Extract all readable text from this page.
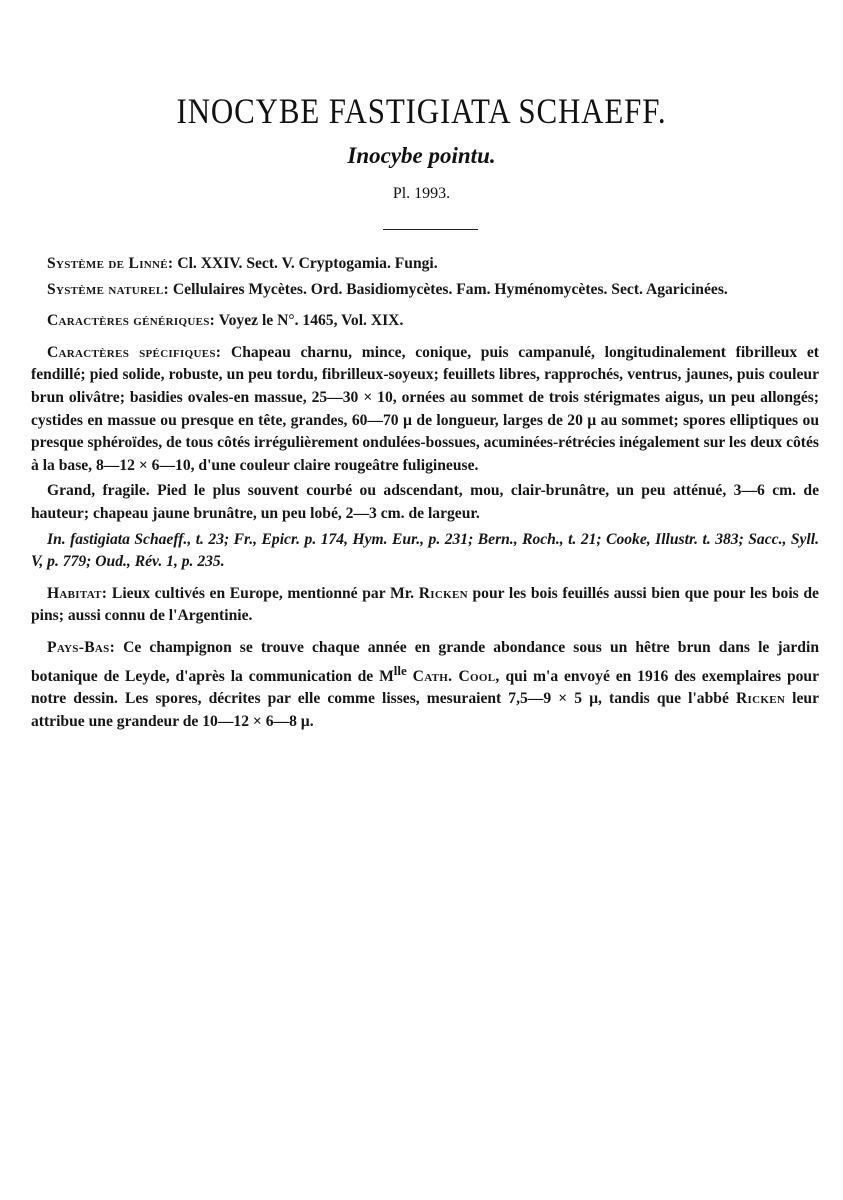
INOCYBE FASTIGIATA SCHAEFF.
Inocybe pointu.
Pl. 1993.

Système de Linné: Cl. XXIV. Sect. V. Cryptogamia. Fungi.

Système naturel: Cellulaires Mycètes. Ord. Basidiomycètes. Fam. Hyménomycètes. Sect. Agaricinées.

Caractères génériques: Voyez le N°. 1465, Vol. XIX.

Caractères spécifiques: Chapeau charnu, mince, conique, puis campanulé, longitudinalement fibrilleux et fendillé; pied solide, robuste, un peu tordu, fibrilleux-soyeux; feuillets libres, rapprochés, ventrus, jaunes, puis couleur brun olivâtre; basidies ovales-en massue, 25—30 × 10, ornées au sommet de trois stérigmates aigus, un peu allongés; cystides en massue ou presque en tête, grandes, 60—70 µ de longueur, larges de 20 µ au sommet; spores elliptiques ou presque sphéroïdes, de tous côtés irrégulièrement ondulées-bossues, acuminées-rétrécies inégalement sur les deux côtés à la base, 8—12 × 6—10, d'une couleur claire rougeâtre fuligineuse.

Grand, fragile. Pied le plus souvent courbé ou adscendant, mou, clair-brunâtre, un peu atténué, 3—6 cm. de hauteur; chapeau jaune brunâtre, un peu lobé, 2—3 cm. de largeur.

In. fastigiata Schaeff., t. 23; Fr., Epicr. p. 174, Hym. Eur., p. 231; Bern., Roch., t. 21; Cooke, Illustr. t. 383; Sacc., Syll. V, p. 779; Oud., Rév. 1, p. 235.

Habitat: Lieux cultivés en Europe, mentionné par Mr. Ricken pour les bois feuillés aussi bien que pour les bois de pins; aussi connu de l'Argentinie.

Pays-Bas: Ce champignon se trouve chaque année en grande abondance sous un hêtre brun dans le jardin botanique de Leyde, d'après la communication de $M^{lle}$ Cath. Cool, qui m'a envoyé en 1916 des exemplaires pour notre dessin. Les spores, décrites par elle comme lisses, mesuraient 7,5—9 × 5 µ, tandis que l'abbé Ricken leur attribue une grandeur de 10—12 × 6—8 µ.
